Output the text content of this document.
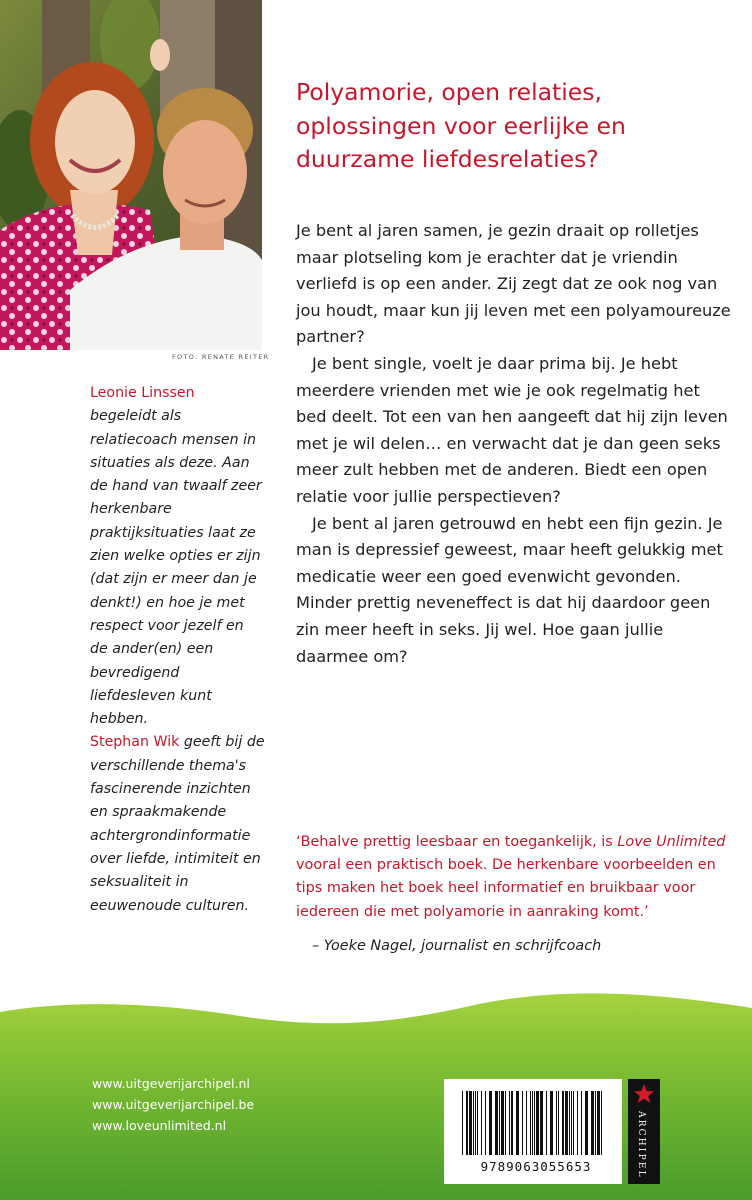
FOTO: RENATE REITER

Leonie Linssen begeleidt als relatiecoach mensen in situaties als deze. Aan de hand van twaalf zeer herkenbare praktijksituaties laat ze zien welke opties er zijn (dat zijn er meer dan je denkt!) en hoe je met respect voor jezelf en de ander(en) een bevredigend liefdesleven kunt hebben.

Stephan Wik geeft bij de verschillende thema's fascinerende inzichten en spraakmakende achtergrondinformatie over liefde, intimiteit en seksualiteit in eeuwenoude culturen.

Polyamorie, open relaties,
oplossingen voor eerlijke en
duurzame liefdesrelaties?

Je bent al jaren samen, je gezin draait op rolletjes maar plotseling kom je erachter dat je vriendin verliefd is op een ander. Zij zegt dat ze ook nog van jou houdt, maar kun jij leven met een polyamoureuze partner?

Je bent single, voelt je daar prima bij. Je hebt meerdere vrienden met wie je ook regelmatig het bed deelt. Tot een van hen aangeeft dat hij zijn leven met je wil delen… en verwacht dat je dan geen seks meer zult hebben met de anderen. Biedt een open relatie voor jullie perspectieven?

Je bent al jaren getrouwd en hebt een fijn gezin. Je man is depressief geweest, maar heeft gelukkig met medicatie weer een goed evenwicht gevonden. Minder prettig neveneffect is dat hij daardoor geen zin meer heeft in seks. Jij wel. Hoe gaan jullie daarmee om?

‘Behalve prettig leesbaar en toegankelijk, is Love Unlimited vooral een praktisch boek. De herkenbare voorbeelden en tips maken het boek heel informatief en bruikbaar voor iedereen die met polyamorie in aanraking komt.’

– Yoeke Nagel, journalist en schrijfcoach
www.uitgeverijarchipel.nl
www.uitgeverijarchipel.be
www.loveunlimited.nl
9789063055653	ARCHIPEL
